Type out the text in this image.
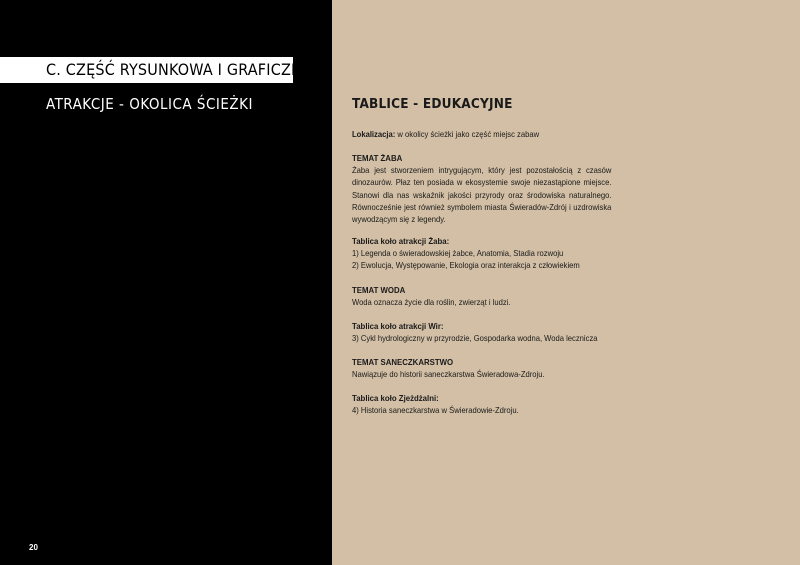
C. CZĘŚĆ RYSUNKOWA I GRAFICZNA
ATRAKCJE - OKOLICA ŚCIEŻKI
20
TABLICE - EDUKACYJNE
Lokalizacja: w okolicy ścieżki jako część miejsc zabaw
TEMAT ŻABA
Żaba jest stworzeniem intrygującym, który jest pozostałością z czasów dinozaurów. Płaz ten posiada w ekosystemie swoje niezastąpione miejsce. Stanowi dla nas wskaźnik jakości przyrody oraz środowiska naturalnego. Równocześnie jest również symbolem miasta Świeradów-Zdrój i uzdrowiska wywodzącym się z legendy.
Tablica koło atrakcji Żaba:
1) Legenda o świeradowskiej żabce, Anatomia, Stadia rozwoju
2) Ewolucja, Występowanie, Ekologia oraz interakcja z człowiekiem
TEMAT WODA
Woda oznacza życie dla roślin, zwierząt i ludzi.
Tablica koło atrakcji Wir:
3) Cykl hydrologiczny w przyrodzie, Gospodarka wodna, Woda lecznicza
TEMAT SANECZKARSTWO
Nawiązuje do historii saneczkarstwa Świeradowa-Zdroju.
Tablica koło Zjeżdżalni:
4) Historia saneczkarstwa w Świeradowie-Zdroju.
